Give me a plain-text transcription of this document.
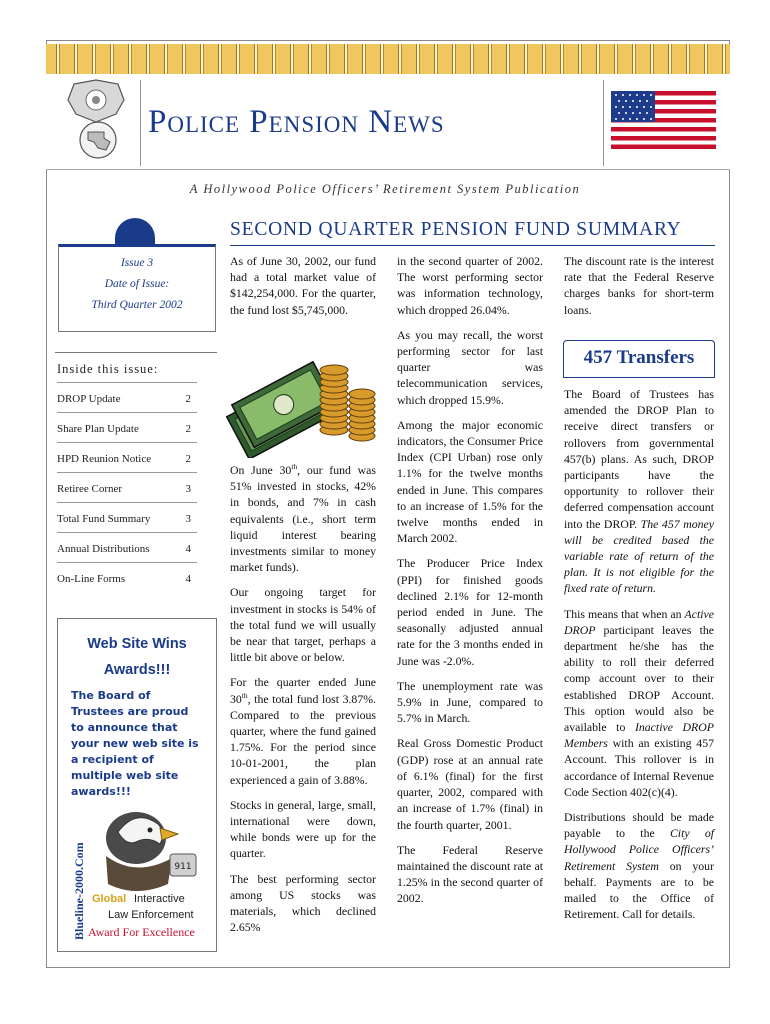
Police Pension News
A Hollywood Police Officers’ Retirement System Publication
SECOND QUARTER PENSION FUND SUMMARY
Issue 3
Date of Issue:
Third Quarter 2002
Inside this issue:
DROP Update	2
Share Plan Update	2
HPD Reunion Notice	2
Retiree Corner	3
Total Fund Summary	3
Annual Distributions	4
On-Line Forms	4
Web Site Wins
Awards!!!
The Board of Trustees are proud to announce that your new web site is a recipient of multiple web site awards!!!
Blueline-2000.Com	911
Global Interactive
Law Enforcement
Award For Excellence

As of June 30, 2002, our fund had a total market value of $142,254,000. For the quarter, the fund lost $5,745,000.

On June 30th, our fund was 51% invested in stocks, 42% in bonds, and 7% in cash equivalents (i.e., short term liquid interest bearing investments similar to money market funds).

Our ongoing target for investment in stocks is 54% of the total fund we will usually be near that target, perhaps a little bit above or below.

For the quarter ended June 30th, the total fund lost 3.87%. Compared to the previous quarter, where the fund gained 1.75%. For the period since 10-01-2001, the plan experienced a gain of 3.88%.

Stocks in general, large, small, international were down, while bonds were up for the quarter.

The best performing sector among US stocks was materials, which declined 2.65%

in the second quarter of 2002. The worst performing sector was information technology, which dropped 26.04%.

As you may recall, the worst performing sector for last quarter was telecommunication services, which dropped 15.9%.

Among the major economic indicators, the Consumer Price Index (CPI Urban) rose only 1.1% for the twelve months ended in June. This compares to an increase of 1.5% for the twelve months ended in March 2002.

The Producer Price Index (PPI) for finished goods declined 2.1% for 12-month period ended in June. The seasonally adjusted annual rate for the 3 months ended in June was -2.0%.

The unemployment rate was 5.9% in June, compared to 5.7% in March.

Real Gross Domestic Product (GDP) rose at an annual rate of 6.1% (final) for the first quarter, 2002, compared with an increase of 1.7% (final) in the fourth quarter, 2001.

The Federal Reserve maintained the discount rate at 1.25% in the second quarter of 2002.

The discount rate is the interest rate that the Federal Reserve charges banks for short-term loans.

457 Transfers

The Board of Trustees has amended the DROP Plan to receive direct transfers or rollovers from governmental 457(b) plans. As such, DROP participants have the opportunity to rollover their deferred compensation account into the DROP. The 457 money will be credited based the variable rate of return of the plan. It is not eligible for the fixed rate of return.

This means that when an Active DROP participant leaves the department he/she has the ability to roll their deferred comp account over to their established DROP Account. This option would also be available to Inactive DROP Members with an existing 457 Account. This rollover is in accordance of Internal Revenue Code Section 402(c)(4).

Distributions should be made payable to the City of Hollywood Police Officers’ Retirement System on your behalf. Payments are to be mailed to the Office of Retirement. Call for details.
